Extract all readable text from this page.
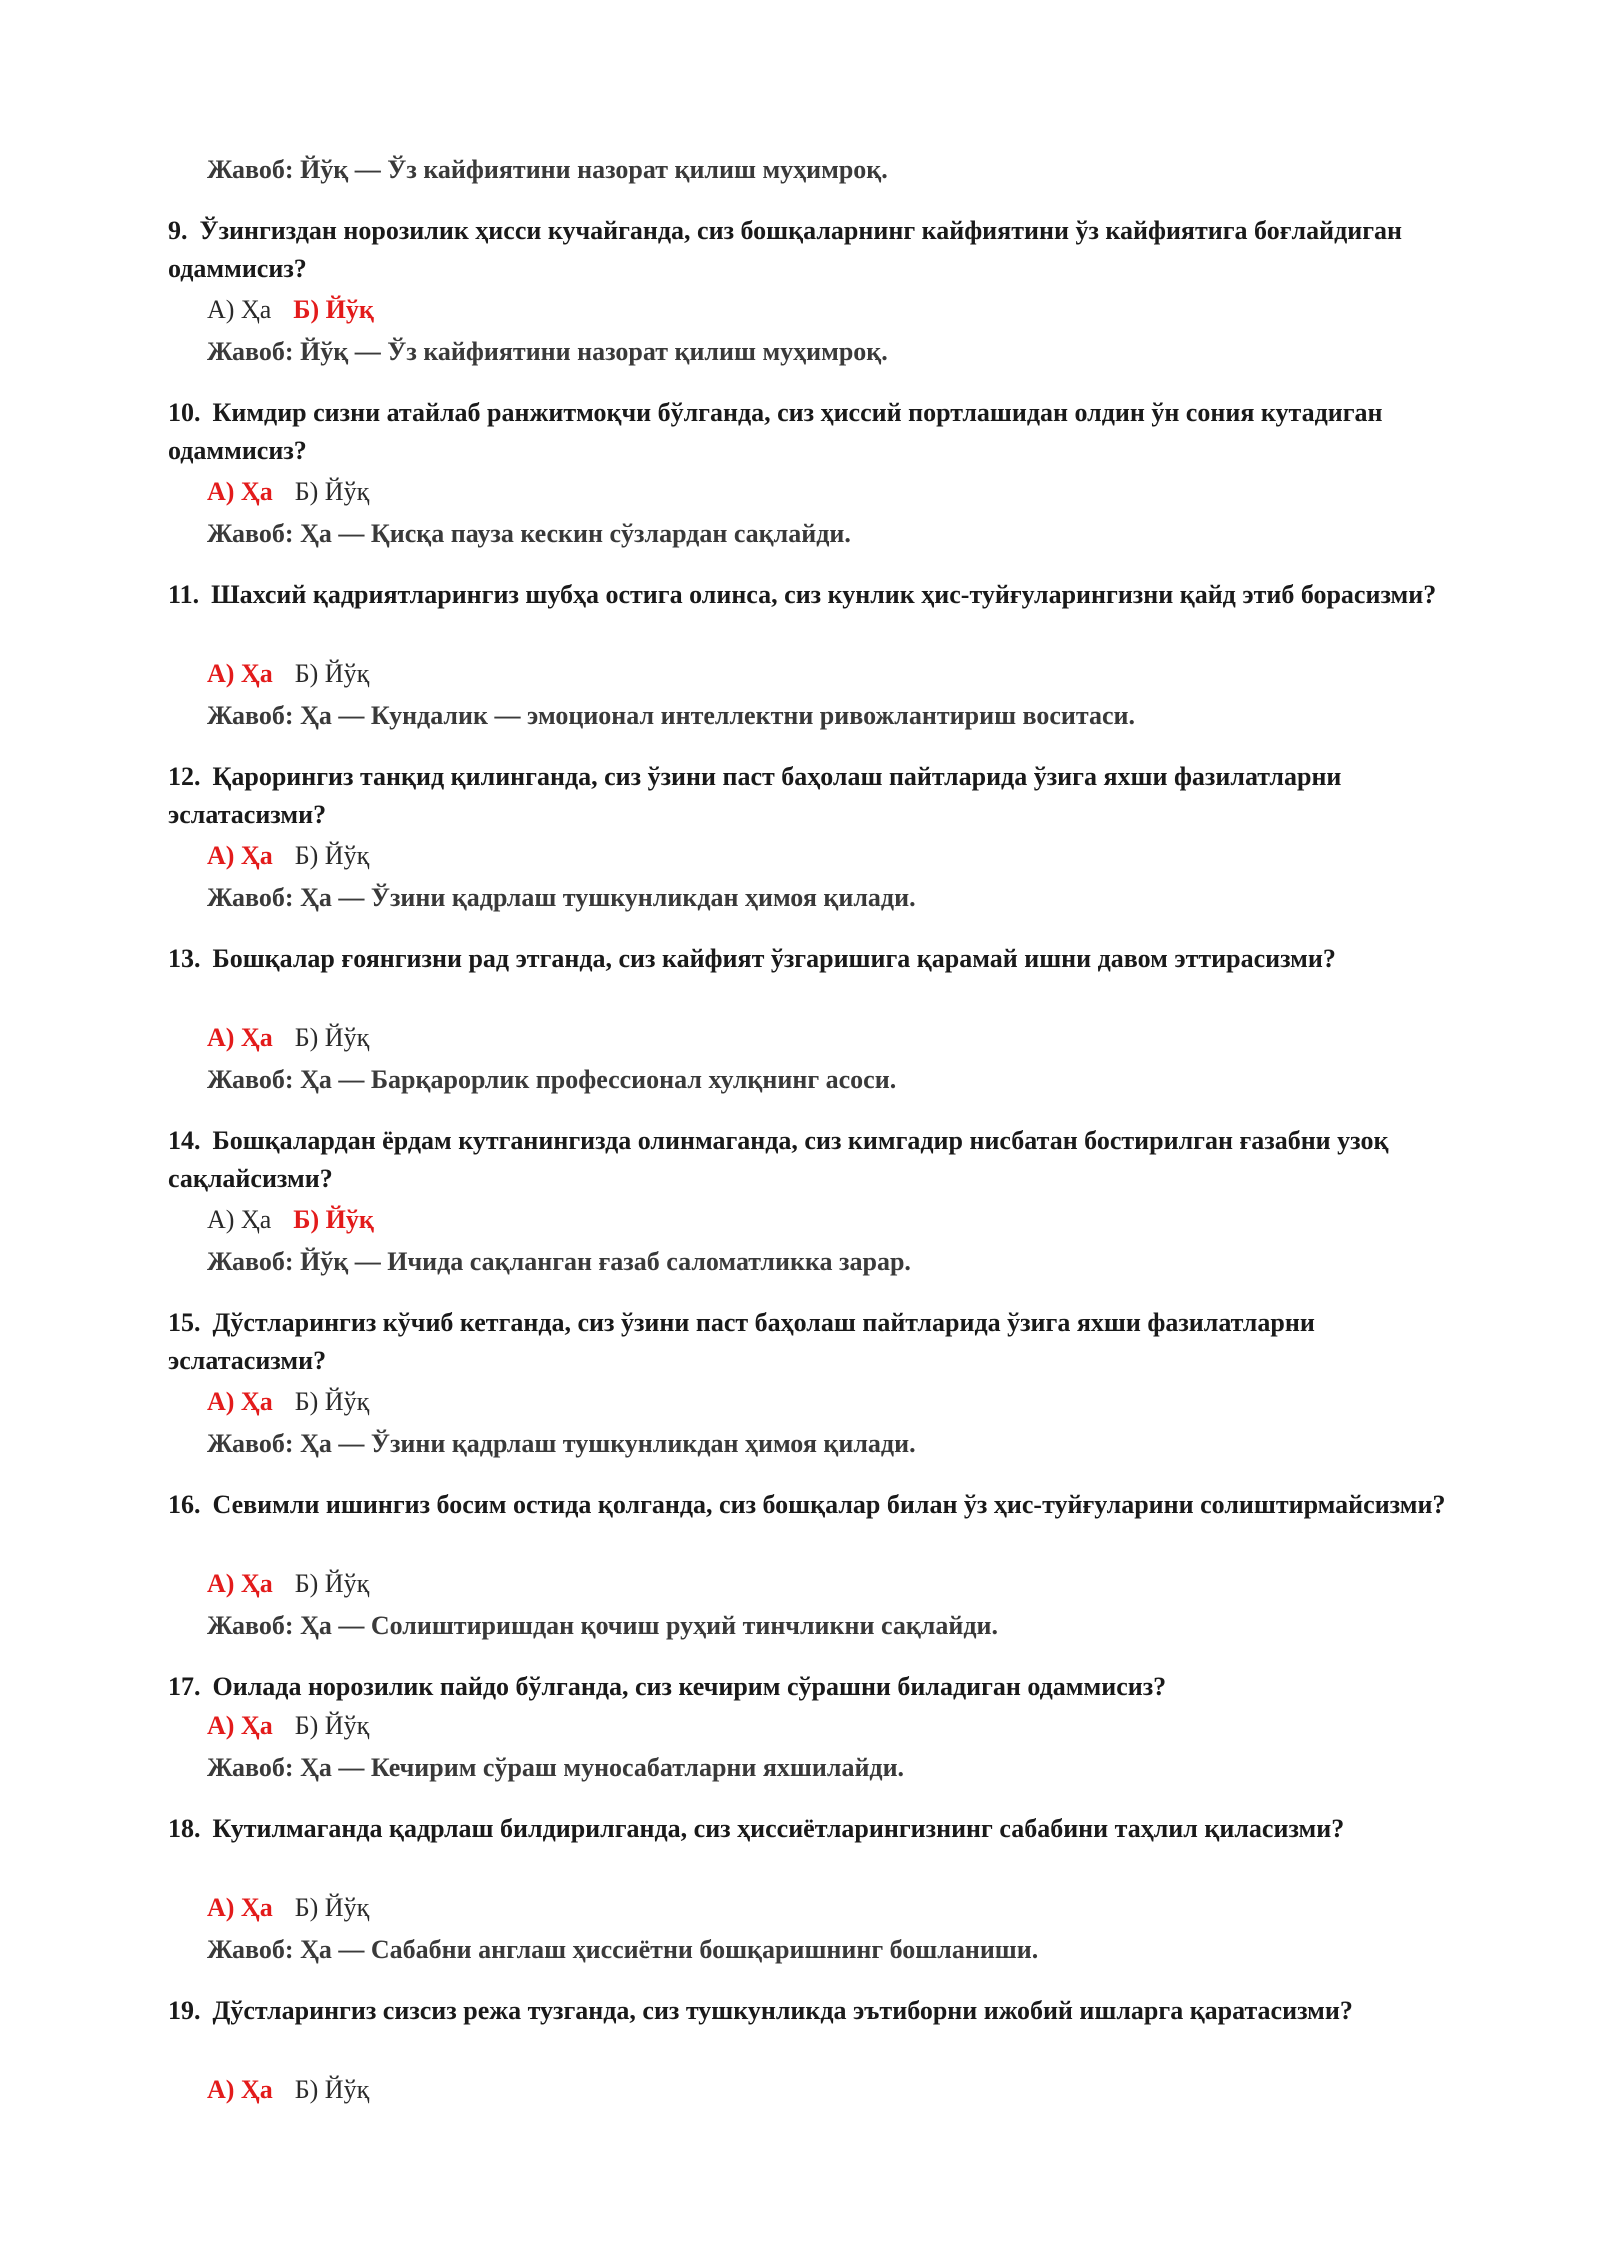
Жавоб: Йўқ — Ўз кайфиятини назорат қилиш муҳимроқ.
9. Ўзингиздан норозилик ҳисси кучайганда, сиз бошқаларнинг кайфиятини ўз кайфиятига боғлайдиган одаммисиз?
А) Ҳа Б) Йўқ
Жавоб: Йўқ — Ўз кайфиятини назорат қилиш муҳимроқ.
10. Кимдир сизни атайлаб ранжитмоқчи бўлганда, сиз ҳиссий портлашидан олдин ўн сония кутадиган одаммисиз?
А) Ҳа Б) Йўқ
Жавоб: Ҳа — Қисқа пауза кескин сўзлардан сақлайди.
11. Шахсий қадриятларингиз шубҳа остига олинса, сиз кунлик ҳис-туйғуларингизни қайд этиб борасизми?
А) Ҳа Б) Йўқ
Жавоб: Ҳа — Кундалик — эмоционал интеллектни ривожлантириш воситаси.
12. Қарорингиз танқид қилинганда, сиз ўзини паст баҳолаш пайтларида ўзига яхши фазилатларни эслатасизми?
А) Ҳа Б) Йўқ
Жавоб: Ҳа — Ўзини қадрлаш тушкунликдан ҳимоя қилади.
13. Бошқалар ғоянгизни рад этганда, сиз кайфият ўзгаришига қарамай ишни давом эттирасизми?
А) Ҳа Б) Йўқ
Жавоб: Ҳа — Барқарорлик профессионал хулқнинг асоси.
14. Бошқалардан ёрдам кутганингизда олинмаганда, сиз кимгадир нисбатан бостирилган ғазабни узоқ сақлайсизми?
А) Ҳа Б) Йўқ
Жавоб: Йўқ — Ичида сақланган ғазаб саломатликка зарар.
15. Дўстларингиз кўчиб кетганда, сиз ўзини паст баҳолаш пайтларида ўзига яхши фазилатларни эслатасизми?
А) Ҳа Б) Йўқ
Жавоб: Ҳа — Ўзини қадрлаш тушкунликдан ҳимоя қилади.
16. Севимли ишингиз босим остида қолганда, сиз бошқалар билан ўз ҳис-туйғуларини солиштирмайсизми?
А) Ҳа Б) Йўқ
Жавоб: Ҳа — Солиштиришдан қочиш руҳий тинчликни сақлайди.
17. Оилада норозилик пайдо бўлганда, сиз кечирим сўрашни биладиган одаммисиз?
А) Ҳа Б) Йўқ
Жавоб: Ҳа — Кечирим сўраш муносабатларни яхшилайди.
18. Кутилмаганда қадрлаш билдирилганда, сиз ҳиссиётларингизнинг сабабини таҳлил қиласизми?
А) Ҳа Б) Йўқ
Жавоб: Ҳа — Сабабни англаш ҳиссиётни бошқаришнинг бошланиши.
19. Дўстларингиз сизсиз режа тузганда, сиз тушкунликда эътиборни ижобий ишларга қаратасизми?
А) Ҳа Б) Йўқ
